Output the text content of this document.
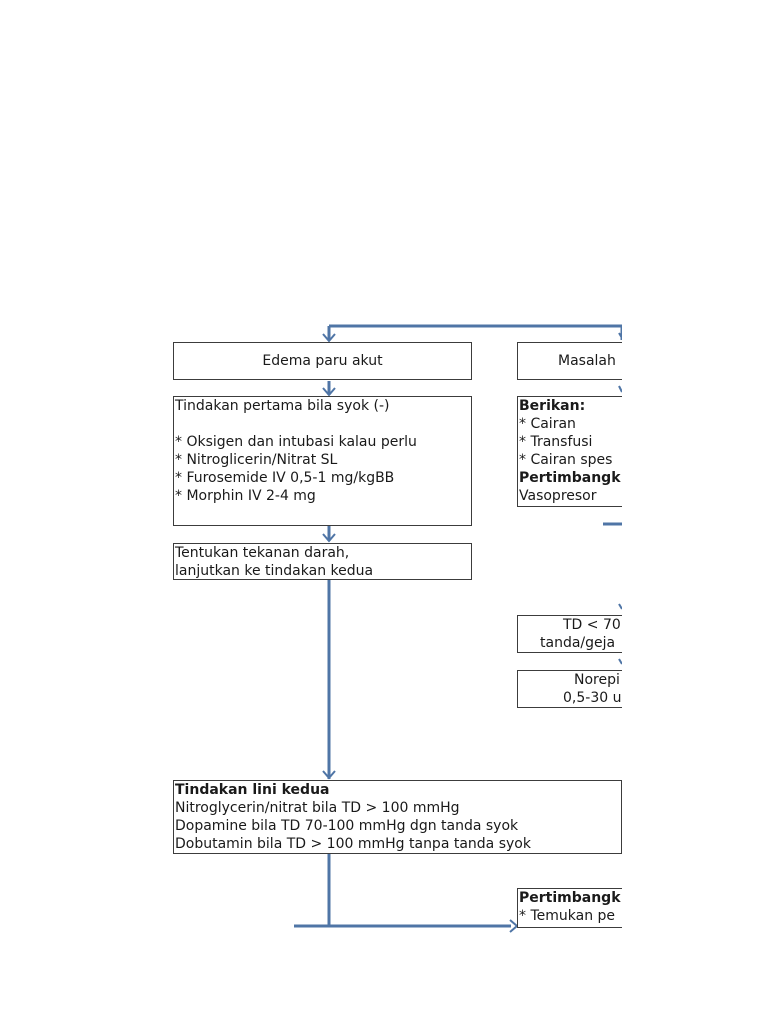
Edema paru akut
Tindakan pertama bila syok (-)
* Oksigen dan intubasi kalau perlu
* Nitroglicerin/Nitrat SL
* Furosemide IV 0,5-1 mg/kgBB
* Morphin IV 2-4 mg
Tentukan tekanan darah,
lanjutkan ke tindakan kedua
Tindakan lini kedua
Nitroglycerin/nitrat bila TD > 100 mmHg
Dopamine bila TD 70-100 mmHg dgn tanda syok
Dobutamin bila TD > 100 mmHg tanpa tanda syok
Masalah
Berikan:
* Cairan
* Transfusi
* Cairan spes
Pertimbangk
Vasopresor
TD < 70
tanda/geja
Norepi
0,5-30 u
Pertimbangk
* Temukan pe
